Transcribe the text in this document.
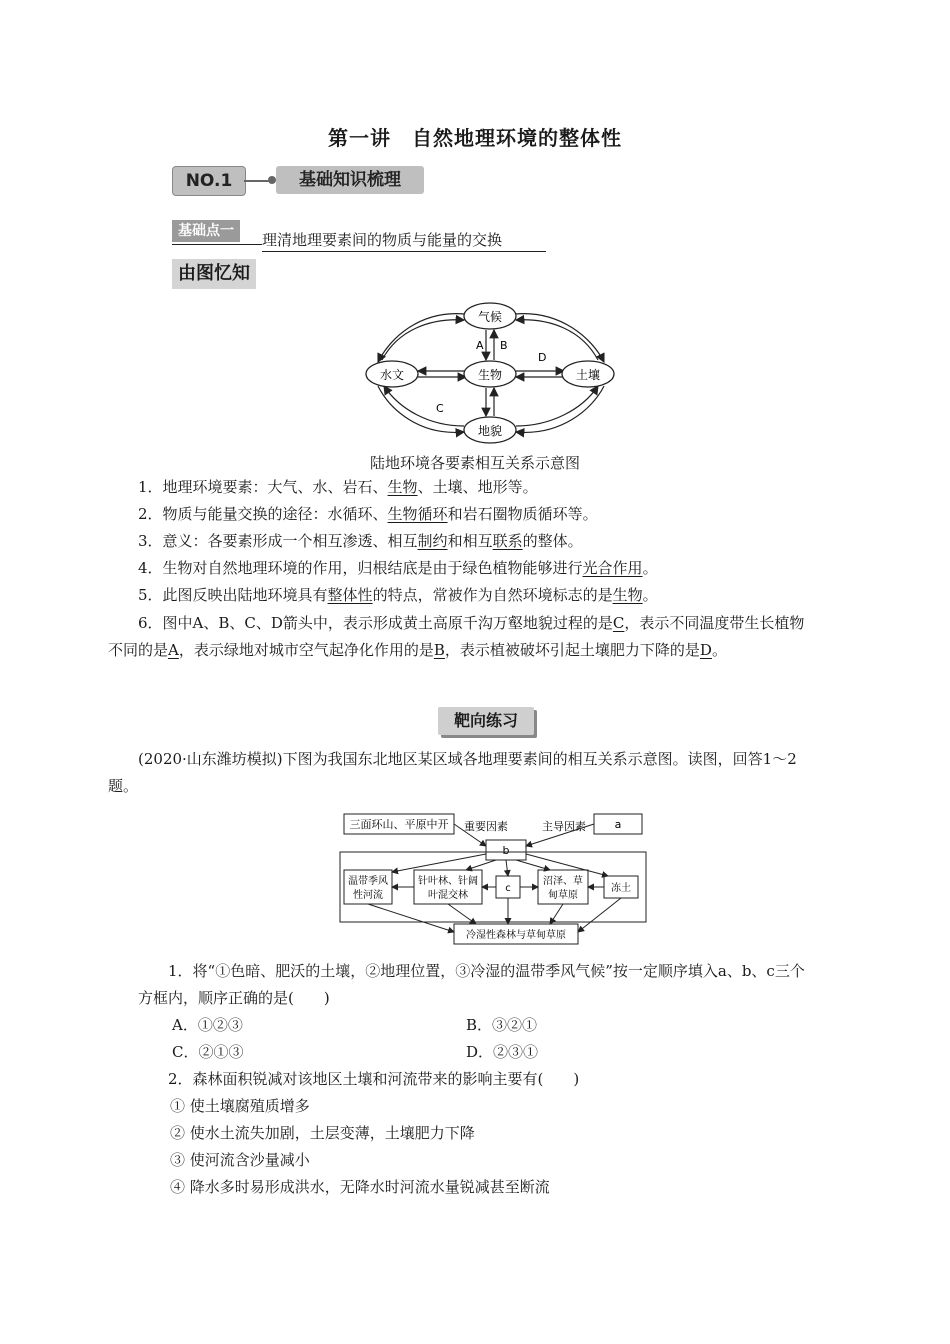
第一讲　自然地理环境的整体性
NO.1	基础知识梳理
基础点一	理清地理要素间的物质与能量的交换
由图忆知
气候
水文	生物	土壤
地貌
A B
C
D
陆地环境各要素相互关系示意图
1．地理环境要素：大气、水、岩石、生物、土壤、地形等。
2．物质与能量交换的途径：水循环、生物循环和岩石圈物质循环等。
3．意义：各要素形成一个相互渗透、相互制约和相互联系的整体。
4．生物对自然地理环境的作用，归根结底是由于绿色植物能够进行光合作用。
5．此图反映出陆地环境具有整体性的特点，常被作为自然环境标志的是生物。
6．图中A、B、C、D箭头中，表示形成黄土高原千沟万壑地貌过程的是C，表示不同温度带生长植物不同的是A，表示绿地对城市空气起净化作用的是B，表示植被破坏引起土壤肥力下降的是D。
靶向练习
(2020·山东潍坊模拟)下图为我国东北地区某区域各地理要素间的相互关系示意图。读图，回答1～2题。
三面环山、平原中开 重要因素	主导因素	a
b
温带季风
性河流
针叶林、针阔
叶混交林
c
沼泽、草
甸草原
冻土
冷湿性森林与草甸草原
1．将“①色暗、肥沃的土壤，②地理位置，③冷湿的温带季风气候”按一定顺序填入a、b、c三个方框内，顺序正确的是(　　)
A．①②③	B．③②①
C．②①③	D．②③①
2．森林面积锐减对该地区土壤和河流带来的影响主要有(　　)
① 使土壤腐殖质增多
② 使水土流失加剧，土层变薄，土壤肥力下降
③ 使河流含沙量减小
④ 降水多时易形成洪水，无降水时河流水量锐减甚至断流
